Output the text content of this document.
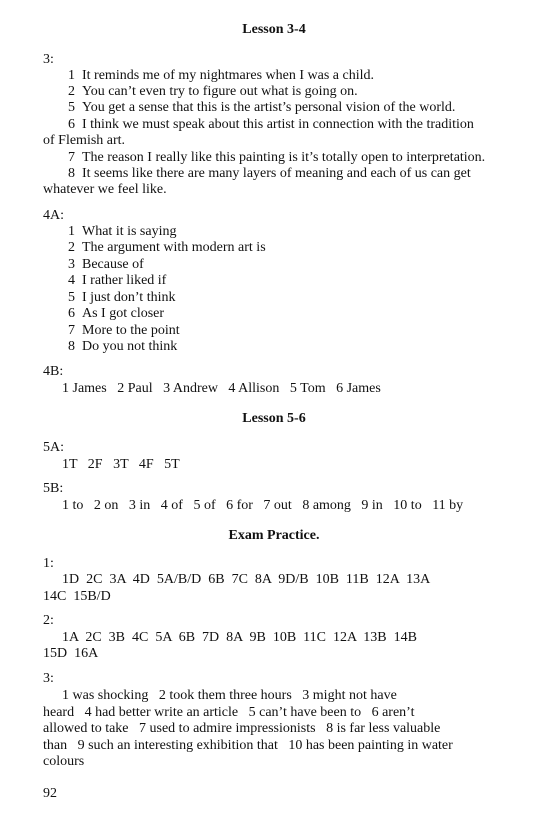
Lesson 3-4
3:
1 It reminds me of my nightmares when I was a child.
2 You can’t even try to figure out what is going on.
5 You get a sense that this is the artist’s personal vision of the world.
6 I think we must speak about this artist in connection with the tradition
of Flemish art.
7 The reason I really like this painting is it’s totally open to interpretation.
8 It seems like there are many layers of meaning and each of us can get
whatever we feel like.
4A:
1 What it is saying
2 The argument with modern art is
3 Because of
4 I rather liked if
5 I just don’t think
6 As I got closer
7 More to the point
8 Do you not think
4B:
1 James   2 Paul   3 Andrew   4 Allison   5 Tom   6 James
Lesson 5-6
5A:
1T   2F   3T   4F   5T
5B:
1 to   2 on   3 in   4 of   5 of   6 for   7 out   8 among   9 in   10 to   11 by
Exam Practice.
1:
1D  2C  3A  4D  5A/B/D  6B  7C  8A  9D/B  10B  11B  12A  13A
14C  15B/D
2:
1A  2C  3B  4C  5A  6B  7D  8A  9B  10B  11C  12A  13B  14B
15D  16A
3:
1 was shocking   2 took them three hours   3 might not have
heard   4 had better write an article   5 can’t have been to   6 aren’t
allowed to take   7 used to admire impressionists   8 is far less valuable
than   9 such an interesting exhibition that   10 has been painting in water
colours
92
